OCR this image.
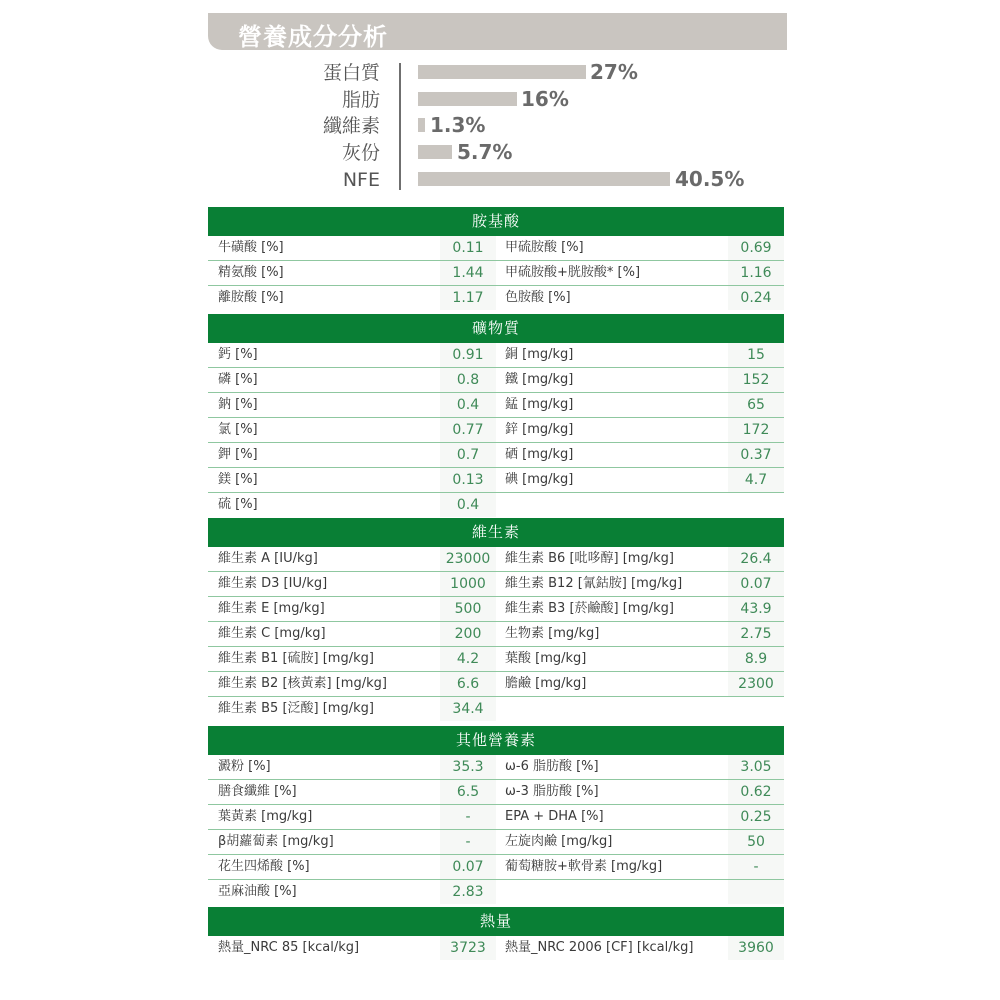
營養成分分析
蛋白質	27%
脂肪	16%
纖維素	1.3%
灰份	5.7%
NFE	40.5%
胺基酸
牛磺酸 [%]	0.11	甲硫胺酸 [%]	0.69
精氨酸 [%]	1.44	甲硫胺酸+胱胺酸* [%]	1.16
離胺酸 [%]	1.17	色胺酸 [%]	0.24
礦物質
鈣 [%]	0.91	銅 [mg/kg]	15
磷 [%]	0.8	鐵 [mg/kg]	152
鈉 [%]	0.4	錳 [mg/kg]	65
氯 [%]	0.77	鋅 [mg/kg]	172
鉀 [%]	0.7	硒 [mg/kg]	0.37
鎂 [%]	0.13	碘 [mg/kg]	4.7
硫 [%]	0.4
維生素
維生素 A [IU/kg]	23000	維生素 B6 [吡哆醇] [mg/kg]	26.4
維生素 D3 [IU/kg]	1000	維生素 B12 [氰鈷胺] [mg/kg]	0.07
維生素 E [mg/kg]	500	維生素 B3 [菸鹼酸] [mg/kg]	43.9
維生素 C [mg/kg]	200	生物素 [mg/kg]	2.75
維生素 B1 [硫胺] [mg/kg]	4.2	葉酸 [mg/kg]	8.9
維生素 B2 [核黃素] [mg/kg]	6.6	膽鹼 [mg/kg]	2300
維生素 B5 [泛酸] [mg/kg]	34.4
其他營養素
澱粉 [%]	35.3	ω-6 脂肪酸 [%]	3.05
膳食纖維 [%]	6.5	ω-3 脂肪酸 [%]	0.62
葉黃素 [mg/kg]	-	EPA + DHA [%]	0.25
β胡蘿蔔素 [mg/kg]	-	左旋肉鹼 [mg/kg]	50
花生四烯酸 [%]	0.07	葡萄糖胺+軟骨素 [mg/kg]	-
亞麻油酸 [%]	2.83
熱量
熱量_NRC 85 [kcal/kg]	3723	熱量_NRC 2006 [CF] [kcal/kg]	3960
